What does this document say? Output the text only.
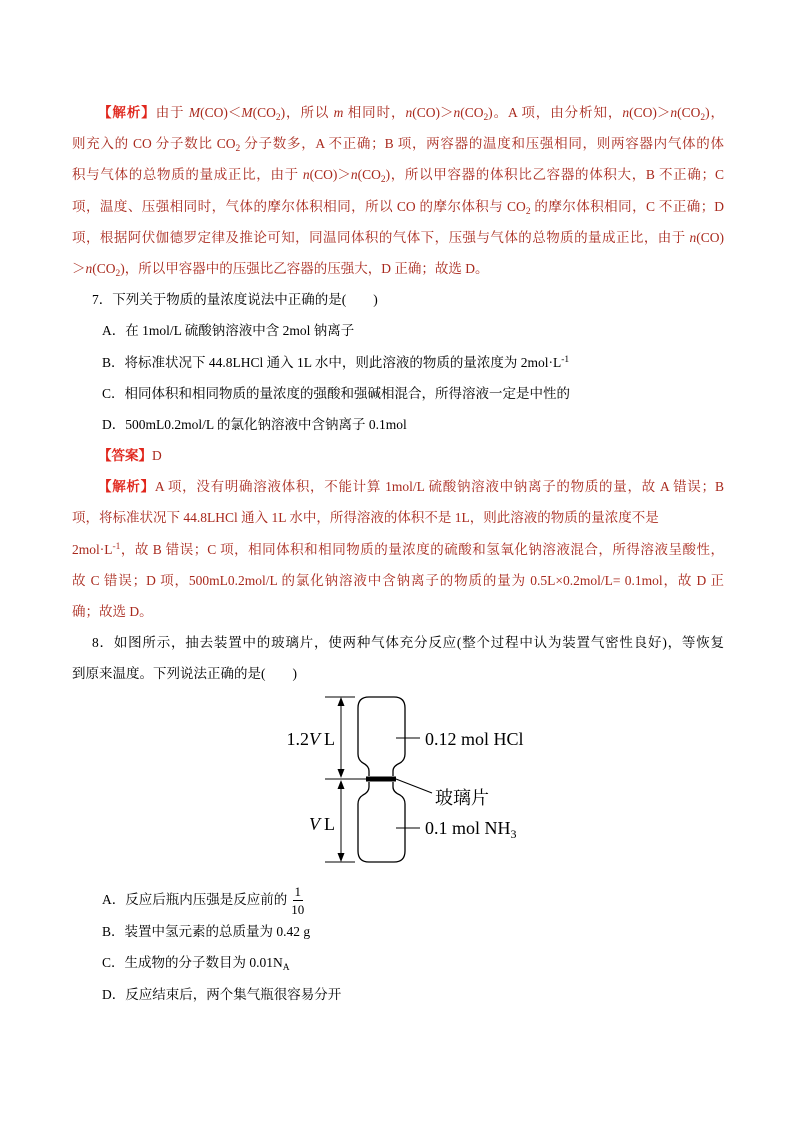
【解析】由于 $M(CO)<M(CO_2)$，所以 m 相同时，$n(CO)>n(CO_2)$。A 项，由分析知，$n(CO)>n(CO_2)$，
则充入的 CO 分子数比 $CO_2$ 分子数多，A 不正确；B 项，两容器的温度和压强相同，则两容器内气体的体
积与气体的总物质的量成正比，由于 $n(CO)>n(CO_2)$，所以甲容器的体积比乙容器的体积大，B 不正确；C
项，温度、压强相同时，气体的摩尔体积相同，所以 CO 的摩尔体积与 $CO_2$ 的摩尔体积相同，C 不正确；D
项，根据阿伏伽德罗定律及推论可知，同温同体积的气体下，压强与气体的总物质的量成正比，由于 n(CO)
$>n(CO_2)$，所以甲容器中的压强比乙容器的压强大，D 正确；故选 D。
7．下列关于物质的量浓度说法中正确的是(　　)
A．在 1mol/L 硫酸钠溶液中含 2mol 钠离子
B．将标准状况下 44.8LHCl 通入 1L 水中，则此溶液的物质的量浓度为 $2mol\cdot L^{-1}$
C．相同体积和相同物质的量浓度的强酸和强碱相混合，所得溶液一定是中性的
D．500mL0.2mol/L 的氯化钠溶液中含钠离子 0.1mol
【答案】D
【解析】A 项，没有明确溶液体积，不能计算 1mol/L 硫酸钠溶液中钠离子的物质的量，故 A 错误；B
项，将标准状况下 44.8LHCl 通入 1L 水中，所得溶液的体积不是 1L，则此溶液的物质的量浓度不是
$2mol\cdot L^{-1}$，故 B 错误；C 项，相同体积和相同物质的量浓度的硫酸和氢氧化钠溶液混合，所得溶液呈酸性，
故 C 错误；D 项，500mL0.2mol/L 的氯化钠溶液中含钠离子的物质的量为 0.5L×0.2mol/L= 0.1mol，故 D 正
确；故选 D。
8．如图所示，抽去装置中的玻璃片，使两种气体充分反应(整个过程中认为装置气密性良好)，等恢复
到原来温度。下列说法正确的是(　　)
1.2V L
V L
0.12 mol HCl
玻璃片
0.1 mol $NH_3$
A．反应后瓶内压强是反应前的 $\frac{1}{10}$
B．装置中氢元素的总质量为 0.42 g
C．生成物的分子数目为 $0.01N_A$
D．反应结束后，两个集气瓶很容易分开
